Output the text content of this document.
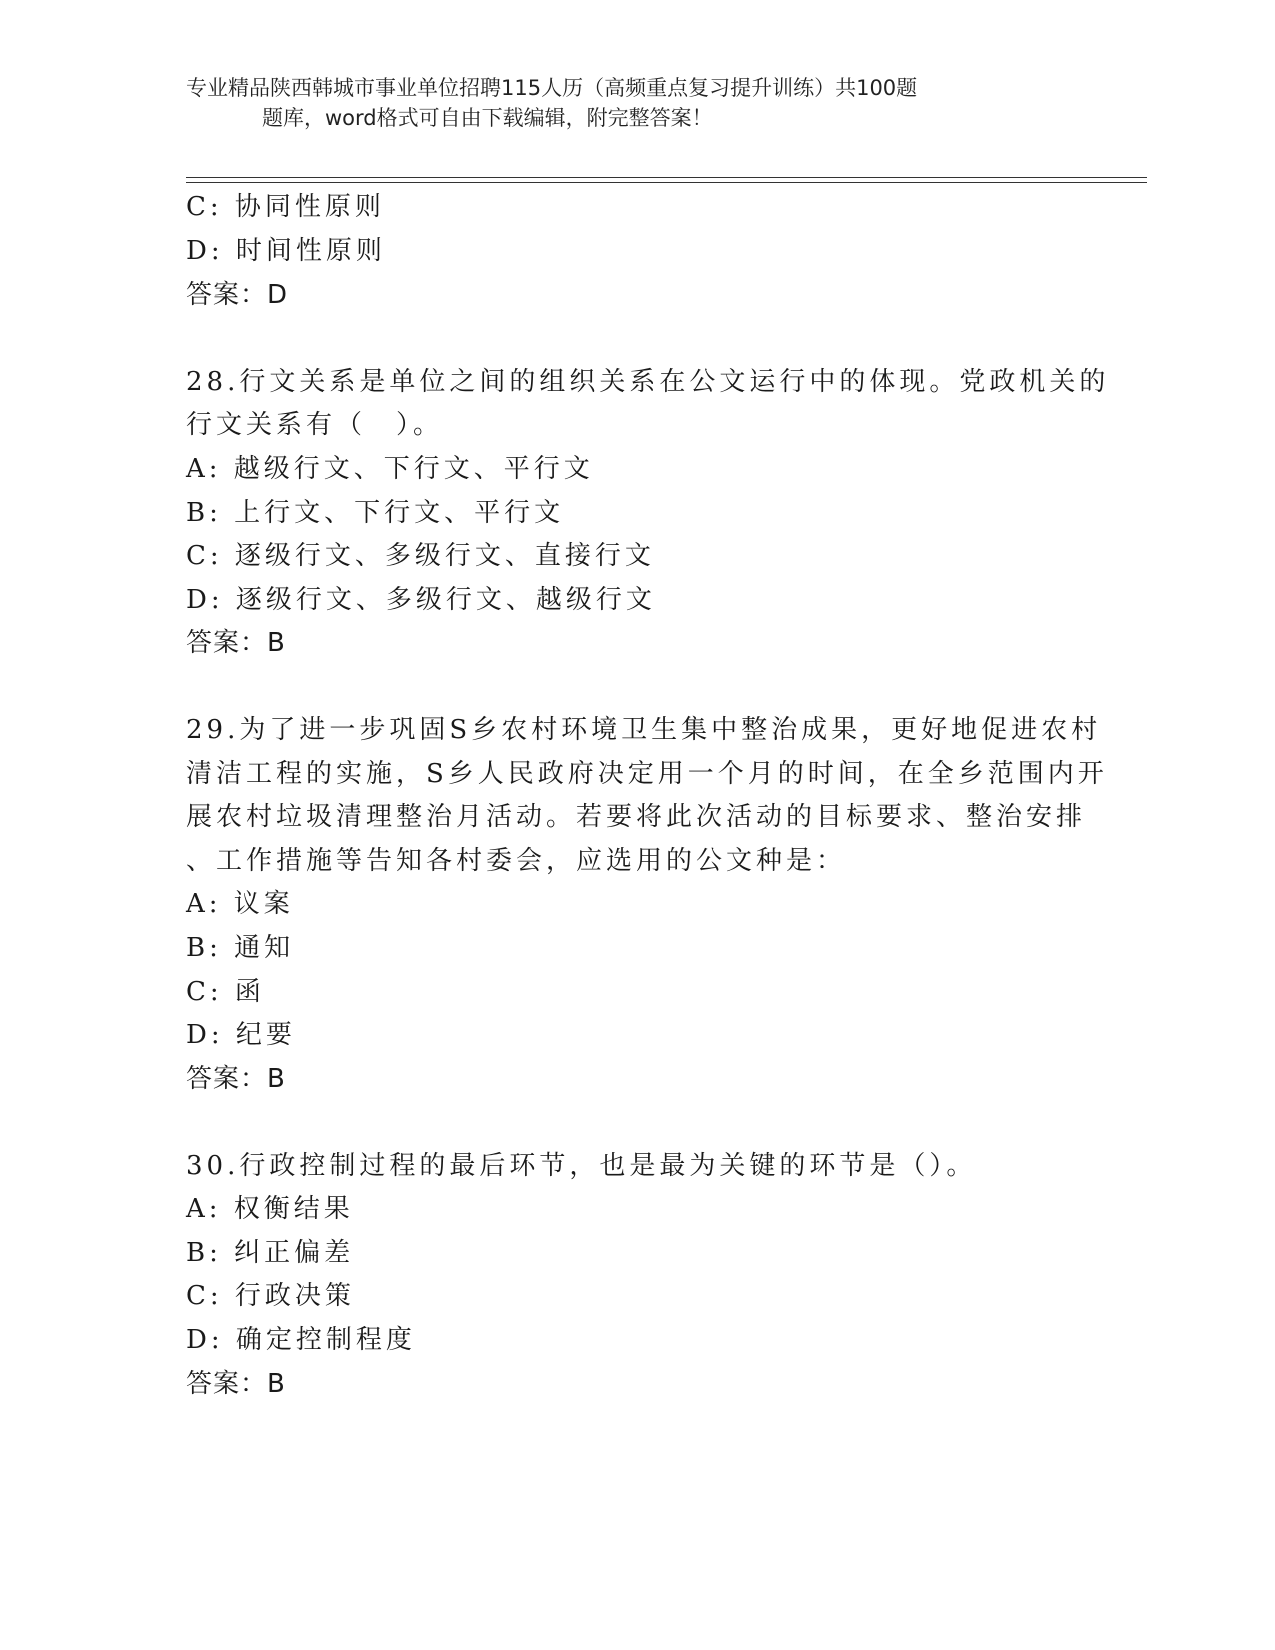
专业精品陕西韩城市事业单位招聘115人历（高频重点复习提升训练）共100题
题库，word格式可自由下载编辑，附完整答案！
C: 协同性原则
D: 时间性原则
答案：D
28.行文关系是单位之间的组织关系在公文运行中的体现。党政机关的
行文关系有（　）。
A: 越级行文、下行文、平行文
B: 上行文、下行文、平行文
C: 逐级行文、多级行文、直接行文
D: 逐级行文、多级行文、越级行文
答案：B
29.为了进一步巩固S乡农村环境卫生集中整治成果，更好地促进农村
清洁工程的实施，S乡人民政府决定用一个月的时间，在全乡范围内开
展农村垃圾清理整治月活动。若要将此次活动的目标要求、整治安排
、工作措施等告知各村委会，应选用的公文种是：
A: 议案
B: 通知
C: 函
D: 纪要
答案：B
30.行政控制过程的最后环节，也是最为关键的环节是（）。
A: 权衡结果
B: 纠正偏差
C: 行政决策
D: 确定控制程度
答案：B
